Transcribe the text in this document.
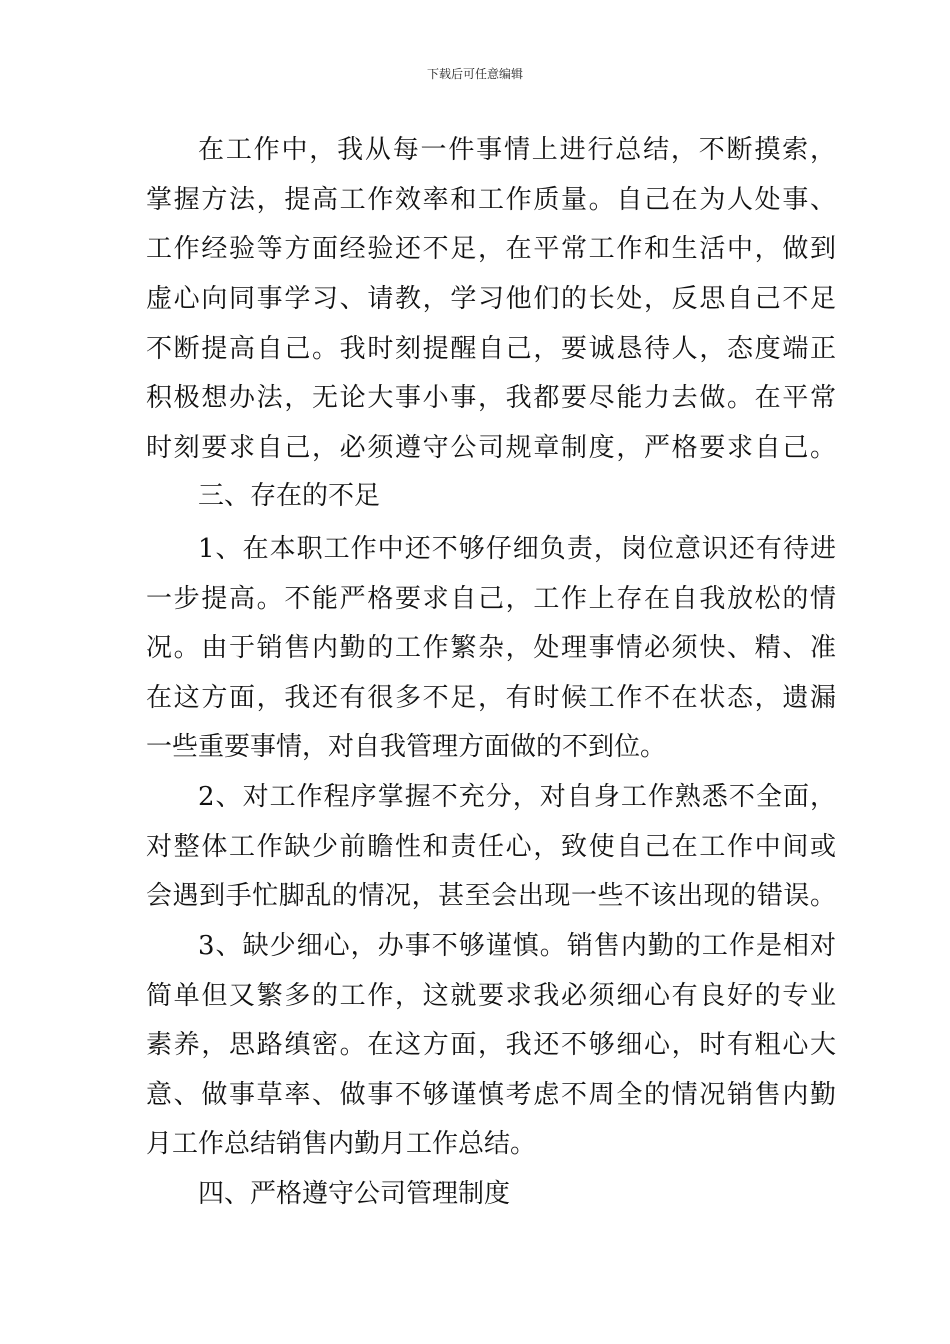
下载后可任意编辑
在工作中，我从每一件事情上进行总结，不断摸索，
掌握方法，提高工作效率和工作质量。自己在为人处事、
工作经验等方面经验还不足，在平常工作和生活中，做到
虚心向同事学习、请教，学习他们的长处，反思自己不足
不断提高自己。我时刻提醒自己，要诚恳待人，态度端正
积极想办法，无论大事小事，我都要尽能力去做。在平常
时刻要求自己，必须遵守公司规章制度，严格要求自己。
三、存在的不足
1、在本职工作中还不够仔细负责，岗位意识还有待进
一步提高。不能严格要求自己，工作上存在自我放松的情
况。由于销售内勤的工作繁杂，处理事情必须快、精、准
在这方面，我还有很多不足，有时候工作不在状态，遗漏
一些重要事情，对自我管理方面做的不到位。
2、对工作程序掌握不充分，对自身工作熟悉不全面，
对整体工作缺少前瞻性和责任心，致使自己在工作中间或
会遇到手忙脚乱的情况，甚至会出现一些不该出现的错误。
3、缺少细心，办事不够谨慎。销售内勤的工作是相对
简单但又繁多的工作，这就要求我必须细心有良好的专业
素养，思路缜密。在这方面，我还不够细心，时有粗心大
意、做事草率、做事不够谨慎考虑不周全的情况销售内勤
月工作总结销售内勤月工作总结。
四、严格遵守公司管理制度
